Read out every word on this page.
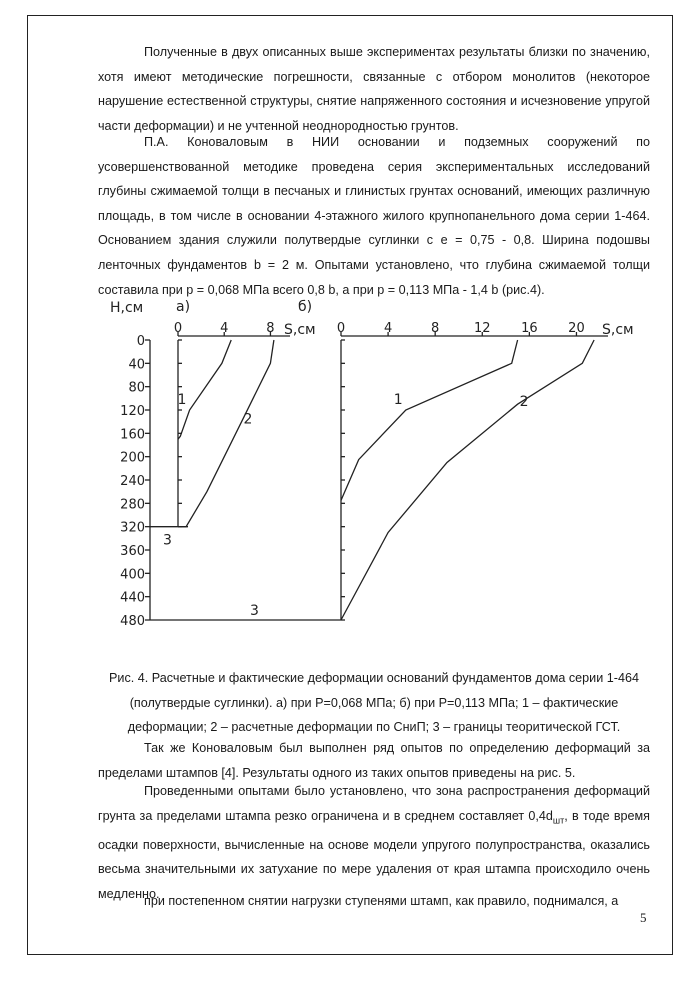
Полученные в двух описанных выше экспериментах результаты близки по значению, хотя имеют методические погрешности, связанные с отбором монолитов (некоторое нарушение естественной структуры, снятие напряженного состояния и исчезновение упругой части деформации) и не учтенной неоднородностью грунтов.

П.А. Коноваловым в НИИ основании и подземных сооружений по усовершенствованной методике проведена серия экспериментальных исследований глубины сжимаемой толщи в песчаных и глинистых грунтах оснований, имеющих различную площадь, в том числе в основании 4-этажного жилого крупнопанельного дома серии 1-464. Основанием здания служили полутвердые суглинки с е = 0,75 - 0,8. Ширина подошвы ленточных фундаментов b = 2 м. Опытами установлено, что глубина сжимаемой толщи составила при р = 0,068 МПа всего 0,8 b, а при р = 0,113 МПа - 1,4 b (рис.4).

Н,см
0
40
80
120
160
200
240
280
320
360
400
440
480
а)
S,см
0	4	8
1
2
3
б)
S,см
0	4	8	12 16 20
1	2
3

Рис. 4. Расчетные и фактические деформации оснований фундаментов дома серии 1-464 (полутвердые суглинки). а) при Р=0,068 МПа; б) при Р=0,113 МПа; 1 – фактические деформации; 2 – расчетные деформации по СниП; 3 – границы теоритической ГСТ.

Так же Коноваловым был выполнен ряд опытов по определению деформаций за пределами штампов [4]. Результаты одного из таких опытов приведены на рис. 5.

Проведенными опытами было установлено, что зона распространения деформаций грунта за пределами штампа резко ограничена и в среднем составляет $0,4d_{шт}$, в тоде время осадки поверхности, вычисленные на основе модели упругого полупространства, оказались весьма значительными их затухание по мере удаления от края штампа происходило очень медленно.

при постепенном снятии нагрузки ступенями штамп, как правило, поднимался, а

5
